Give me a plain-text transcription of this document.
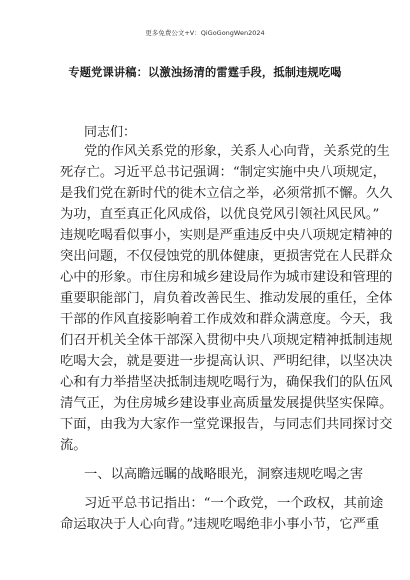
更多免费公文+V：QiGoGongWen2024
专题党课讲稿：以激浊扬清的雷霆手段，抵制违规吃喝
同志们：
党的作风关系党的形象，关系人心向背，关系党的生
死存亡。习近平总书记强调：“制定实施中央八项规定，
是我们党在新时代的徙木立信之举，必须常抓不懈。久久
为功，直至真正化风成俗，以优良党风引领社风民风。”
违规吃喝看似事小，实则是严重违反中央八项规定精神的
突出问题，不仅侵蚀党的肌体健康，更损害党在人民群众
心中的形象。市住房和城乡建设局作为城市建设和管理的
重要职能部门，肩负着改善民生、推动发展的重任，全体
干部的作风直接影响着工作成效和群众满意度。今天，我
们召开机关全体干部深入贯彻中央八项规定精神抵制违规
吃喝大会，就是要进一步提高认识、严明纪律，以坚决决
心和有力举措坚决抵制违规吃喝行为，确保我们的队伍风
清气正，为住房城乡建设事业高质量发展提供坚实保障。
下面，由我为大家作一堂党课报告，与同志们共同探讨交
流。
一、以高瞻远瞩的战略眼光，洞察违规吃喝之害
习近平总书记指出：“一个政党，一个政权，其前途
命运取决于人心向背。”违规吃喝绝非小事小节，它严重
